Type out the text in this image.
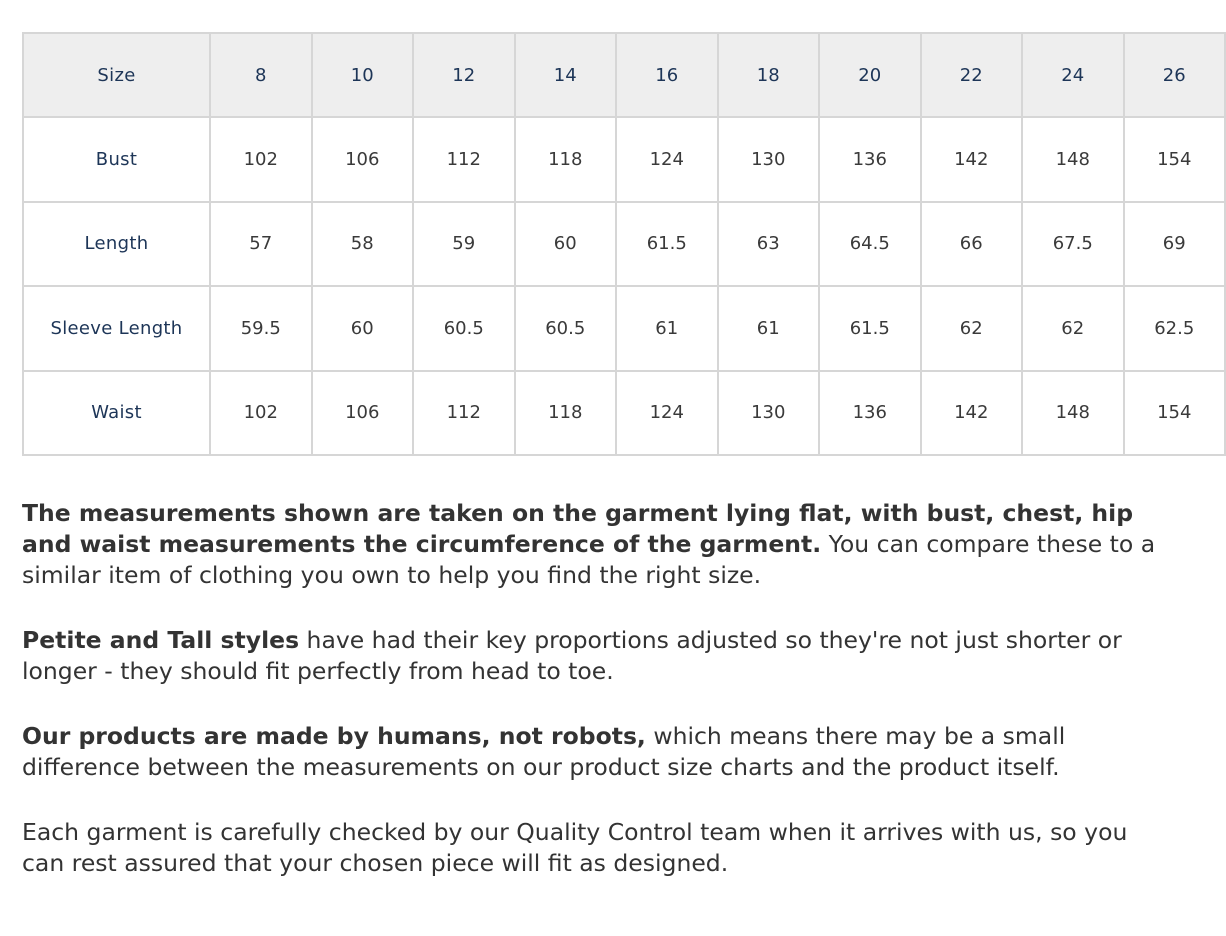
Size	8	10	12	14	16	18	20	22	24	26
Bust	102	106	112	118	124	130	136	142	148	154
Length	57	58	59	60	61.5	63	64.5	66	67.5	69
Sleeve Length	59.5	60	60.5	60.5	61	61	61.5	62	62	62.5
Waist	102	106	112	118	124	130	136	142	148	154

The measurements shown are taken on the garment lying flat, with bust, chest, hip and waist measurements the circumference of the garment. You can compare these to a similar item of clothing you own to help you find the right size.

Petite and Tall styles have had their key proportions adjusted so they're not just shorter or longer - they should fit perfectly from head to toe.

Our products are made by humans, not robots, which means there may be a small difference between the measurements on our product size charts and the product itself.

Each garment is carefully checked by our Quality Control team when it arrives with us, so you can rest assured that your chosen piece will fit as designed.
